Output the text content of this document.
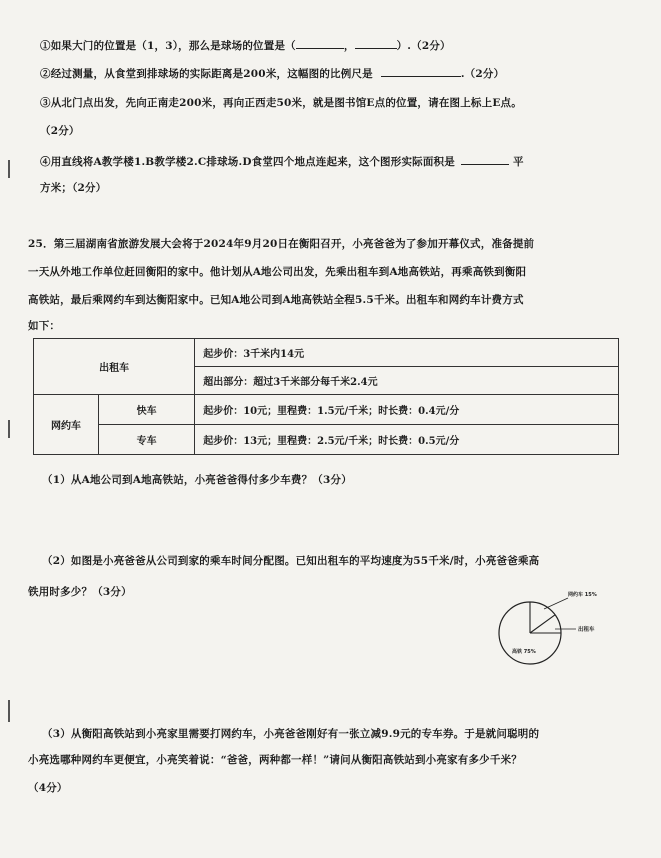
①如果大门的位置是（1，3），那么是球场的位置是（	，	）.（2分）
②经过测量，从食堂到排球场的实际距离是200米，这幅图的比例尺是	.（2分）
③从北门点出发，先向正南走200米，再向正西走50米，就是图书馆E点的位置，请在图上标上E点。
（2分）
④用直线将A教学楼1.B教学楼2.C排球场.D食堂四个地点连起来，这个图形实际面积是	平
方米；（2分）
25．第三届湖南省旅游发展大会将于2024年9月20日在衡阳召开，小亮爸爸为了参加开幕仪式，准备提前
一天从外地工作单位赶回衡阳的家中。他计划从A地公司出发，先乘出租车到A地高铁站，再乘高铁到衡阳
高铁站，最后乘网约车到达衡阳家中。已知A地公司到A地高铁站全程5.5千米。出租车和网约车计费方式
如下：
出租车		起步价：3千米内14元
		超出部分：超过3千米部分每千米2.4元
网约车	快车	起步价：10元；里程费：1.5元/千米；时长费：0.4元/分
	专车	起步价：13元；里程费：2.5元/千米；时长费：0.5元/分
（1）从A地公司到A地高铁站，小亮爸爸得付多少车费？（3分）
（2）如图是小亮爸爸从公司到家的乘车时间分配图。已知出租车的平均速度为55千米/时，小亮爸爸乘高
铁用时多少？（3分）	网约车 15%
出租车
高铁 75%
（3）从衡阳高铁站到小亮家里需要打网约车，小亮爸爸刚好有一张立减9.9元的专车券。于是就问聪明的
小亮选哪种网约车更便宜，小亮笑着说：“爸爸，两种都一样！”请问从衡阳高铁站到小亮家有多少千米？
（4分）
